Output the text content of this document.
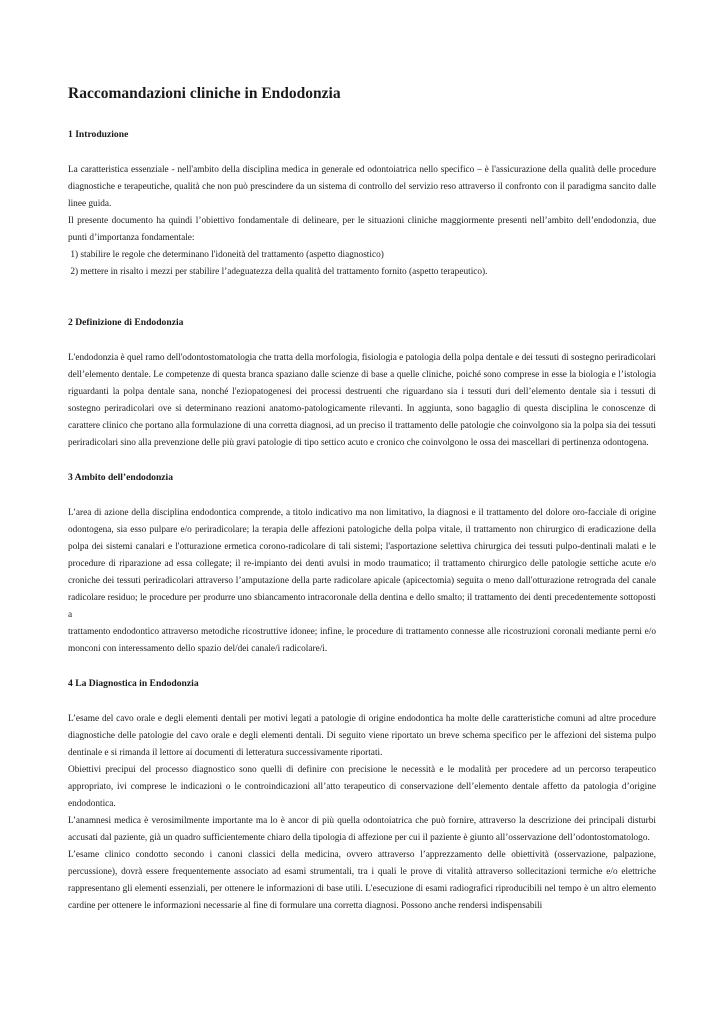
Raccomandazioni cliniche in Endodonzia
1 Introduzione

La caratteristica essenziale - nell'ambito della disciplina medica in generale ed odontoiatrica nello specifico – è l'assicurazione della qualità delle procedure diagnostiche e terapeutiche, qualità che non può prescindere da un sistema di controllo del servizio reso attraverso il confronto con il paradigma sancito dalle linee guida.

Il presente documento ha quindi l’obiettivo fondamentale di delineare, per le situazioni cliniche maggiormente presenti nell’ambito dell’endodonzia, due punti d’importanza fondamentale:

1) stabilire le regole che determinano l'idoneità del trattamento (aspetto diagnostico)

2) mettere in risalto i mezzi per stabilire l’adeguatezza della qualità del trattamento fornito (aspetto terapeutico).

2 Definizione di Endodonzia

L'endodonzia è quel ramo dell'odontostomatologia che tratta della morfologia, fisiologia e patologia della polpa dentale e dei tessuti di sostegno periradicolari dell’elemento dentale. Le competenze di questa branca spaziano dalle scienze di base a quelle cliniche, poiché sono comprese in esse la biologia e l’istologia riguardanti la polpa dentale sana, nonché l'eziopatogenesi dei processi destruenti che riguardano sia i tessuti duri dell’elemento dentale sia i tessuti di sostegno periradicolari ove si determinano reazioni anatomo-patologicamente rilevanti. In aggiunta, sono bagaglio di questa disciplina le conoscenze di carattere clinico che portano alla formulazione di una corretta diagnosi, ad un preciso il trattamento delle patologie che coinvolgono sia la polpa sia dei tessuti periradicolari sino alla prevenzione delle più gravi patologie di tipo settico acuto e cronico che coinvolgono le ossa dei mascellari di pertinenza odontogena.

3 Ambito dell’endodonzia

L’area di azione della disciplina endodontica comprende, a titolo indicativo ma non limitativo, la diagnosi e il trattamento del dolore oro-facciale di origine odontogena, sia esso pulpare e/o periradicolare; la terapia delle affezioni patologiche della polpa vitale, il trattamento non chirurgico di eradicazione della polpa dei sistemi canalari e l'otturazione ermetica corono-radicolare di tali sistemi; l'asportazione selettiva chirurgica dei tessuti pulpo-dentinali malati e le procedure di riparazione ad essa collegate; il re-impianto dei denti avulsi in modo traumatico; il trattamento chirurgico delle patologie settiche acute e/o croniche dei tessuti periradicolari attraverso l’amputazione della parte radicolare apicale (apicectomia) seguita o meno dall'otturazione retrograda del canale radicolare residuo; le procedure per produrre uno sbiancamento intracoronale della dentina e dello smalto; il trattamento dei denti precedentemente sottoposti a

trattamento endodontico attraverso metodiche ricostruttive idonee; infine, le procedure di trattamento connesse alle ricostruzioni coronali mediante perni e/o monconi con interessamento dello spazio del/dei canale/i radicolare/i.

4 La Diagnostica in Endodonzia

L’esame del cavo orale e degli elementi dentali per motivi legati a patologie di origine endodontica ha molte delle caratteristiche comuni ad altre procedure diagnostiche delle patologie del cavo orale e degli elementi dentali. Di seguito viene riportato un breve schema specifico per le affezioni del sistema pulpo dentinale e si rimanda il lettore ai documenti di letteratura successivamente riportati.

Obiettivi precipui del processo diagnostico sono quelli di definire con precisione le necessità e le modalità per procedere ad un percorso terapeutico appropriato, ivi comprese le indicazioni o le controindicazioni all’atto terapeutico di conservazione dell’elemento dentale affetto da patologia d’origine endodontica.

L’anamnesi medica è verosimilmente importante ma lo è ancor di più quella odontoiatrica che può fornire, attraverso la descrizione dei principali disturbi accusati dal paziente, già un quadro sufficientemente chiaro della tipologia di affezione per cui il paziente è giunto all’osservazione dell’odontostomatologo.

L’esame clinico condotto secondo i canoni classici della medicina, ovvero attraverso l’apprezzamento delle obiettività (osservazione, palpazione, percussione), dovrà essere frequentemente associato ad esami strumentali, tra i quali le prove di vitalità attraverso sollecitazioni termiche e/o elettriche rappresentano gli elementi essenziali, per ottenere le informazioni di base utili. L'esecuzione di esami radiografici riproducibili nel tempo è un altro elemento cardine per ottenere le informazioni necessarie al fine di formulare una corretta diagnosi. Possono anche rendersi indispensabili
